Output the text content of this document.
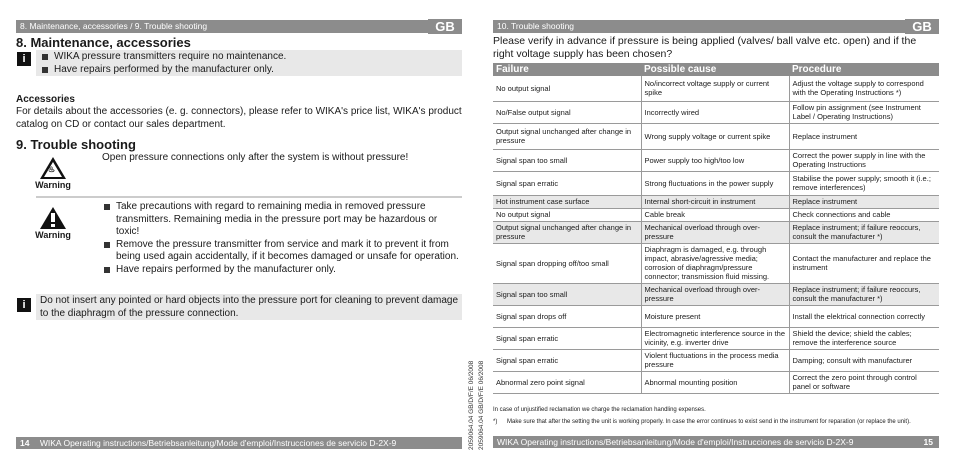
8. Maintenance, accessories / 9. Trouble shooting	GB
8. Maintenance, accessories
i	WIKA pressure transmitters require no maintenance.
Have repairs performed by the manufacturer only.
Accessories
For details about the accessories (e. g. connectors), please refer to WIKA's price list, WIKA's product catalog on CD or contact our sales department.
9. Trouble shooting
♨
Warning
Open pressure connections only after the system is without pressure!
Warning
Take precautions with regard to remaining media in removed pressure transmitters. Remaining media in the pressure port may be hazardous or toxic!
Remove the pressure transmitter from service and mark it to prevent it from being used again accidentally, if it becomes damaged or unsafe for operation.
Have repairs performed by the manufacturer only.
i	Do not insert any pointed or hard objects into the pressure port for cleaning to prevent damage to the diaphragm of the pressure connection.
14 WIKA Operating instructions/Betriebsanleitung/Mode d'emploi/Instrucciones de servicio D-2X-9	2059064.04 GB/D/F/E 06/2008 2059064.04 GB/D/F/E 06/2008
10. Trouble shooting	GB
Please verify in advance if pressure is being applied (valves/ ball valve etc. open) and if the right voltage supply has been chosen?
Failure	Possible cause	Procedure
No output signal	No/incorrect voltage supply or current spike	Adjust the voltage supply to correspond with the Operating Instructions *)
No/False output signal	Incorrectly wired	Follow pin assignment (see Instrument Label / Operating Instructions)
Output signal unchanged after change in pressure	Wrong supply voltage or current spike	Replace instrument
Signal span too small	Power supply too high/too low	Correct the power supply in line with the Operating Instructions
Signal span erratic	Strong fluctuations in the power supply	Stabilise the power supply; smooth it (i.e.; remove interferences)
Hot instrument case surface	Internal short-circuit in instrument	Replace instrument
No output signal	Cable break	Check connections and cable
Output signal unchanged after change in pressure	Mechanical overload through over-pressure	Replace instrument; if failure reoccurs, consult the manufacturer *)
Signal span dropping off/too small	Diaphragm is damaged, e.g. through impact, abrasive/agressive media; corrosion of diaphragm/pressure connector; transmission fluid missing.	Contact the manufacturer and replace the instrument
Signal span too small	Mechanical overload through over-pressure	Replace instrument; if failure reoccurs, consult the manufacturer *)
Signal span drops off	Moisture present	Install the elektrical connection correctly
Signal span erratic	Electromagnetic interference source in the vicinity, e.g. inverter drive	Shield the device; shield the cables; remove the interference source
Signal span erratic	Violent fluctuations in the process media pressure	Damping; consult with manufacturer
Abnormal zero point signal	Abnormal mounting position	Correct the zero point through control panel or software
In case of unjustified reclamation we charge the reclamation handling expenses.
*)	Make sure that after the setting the unit is working properly. In case the error continues to exist send in the instrument for reparation (or replace the unit).
WIKA Operating instructions/Betriebsanleitung/Mode d'emploi/Instrucciones de servicio D-2X-9	15
